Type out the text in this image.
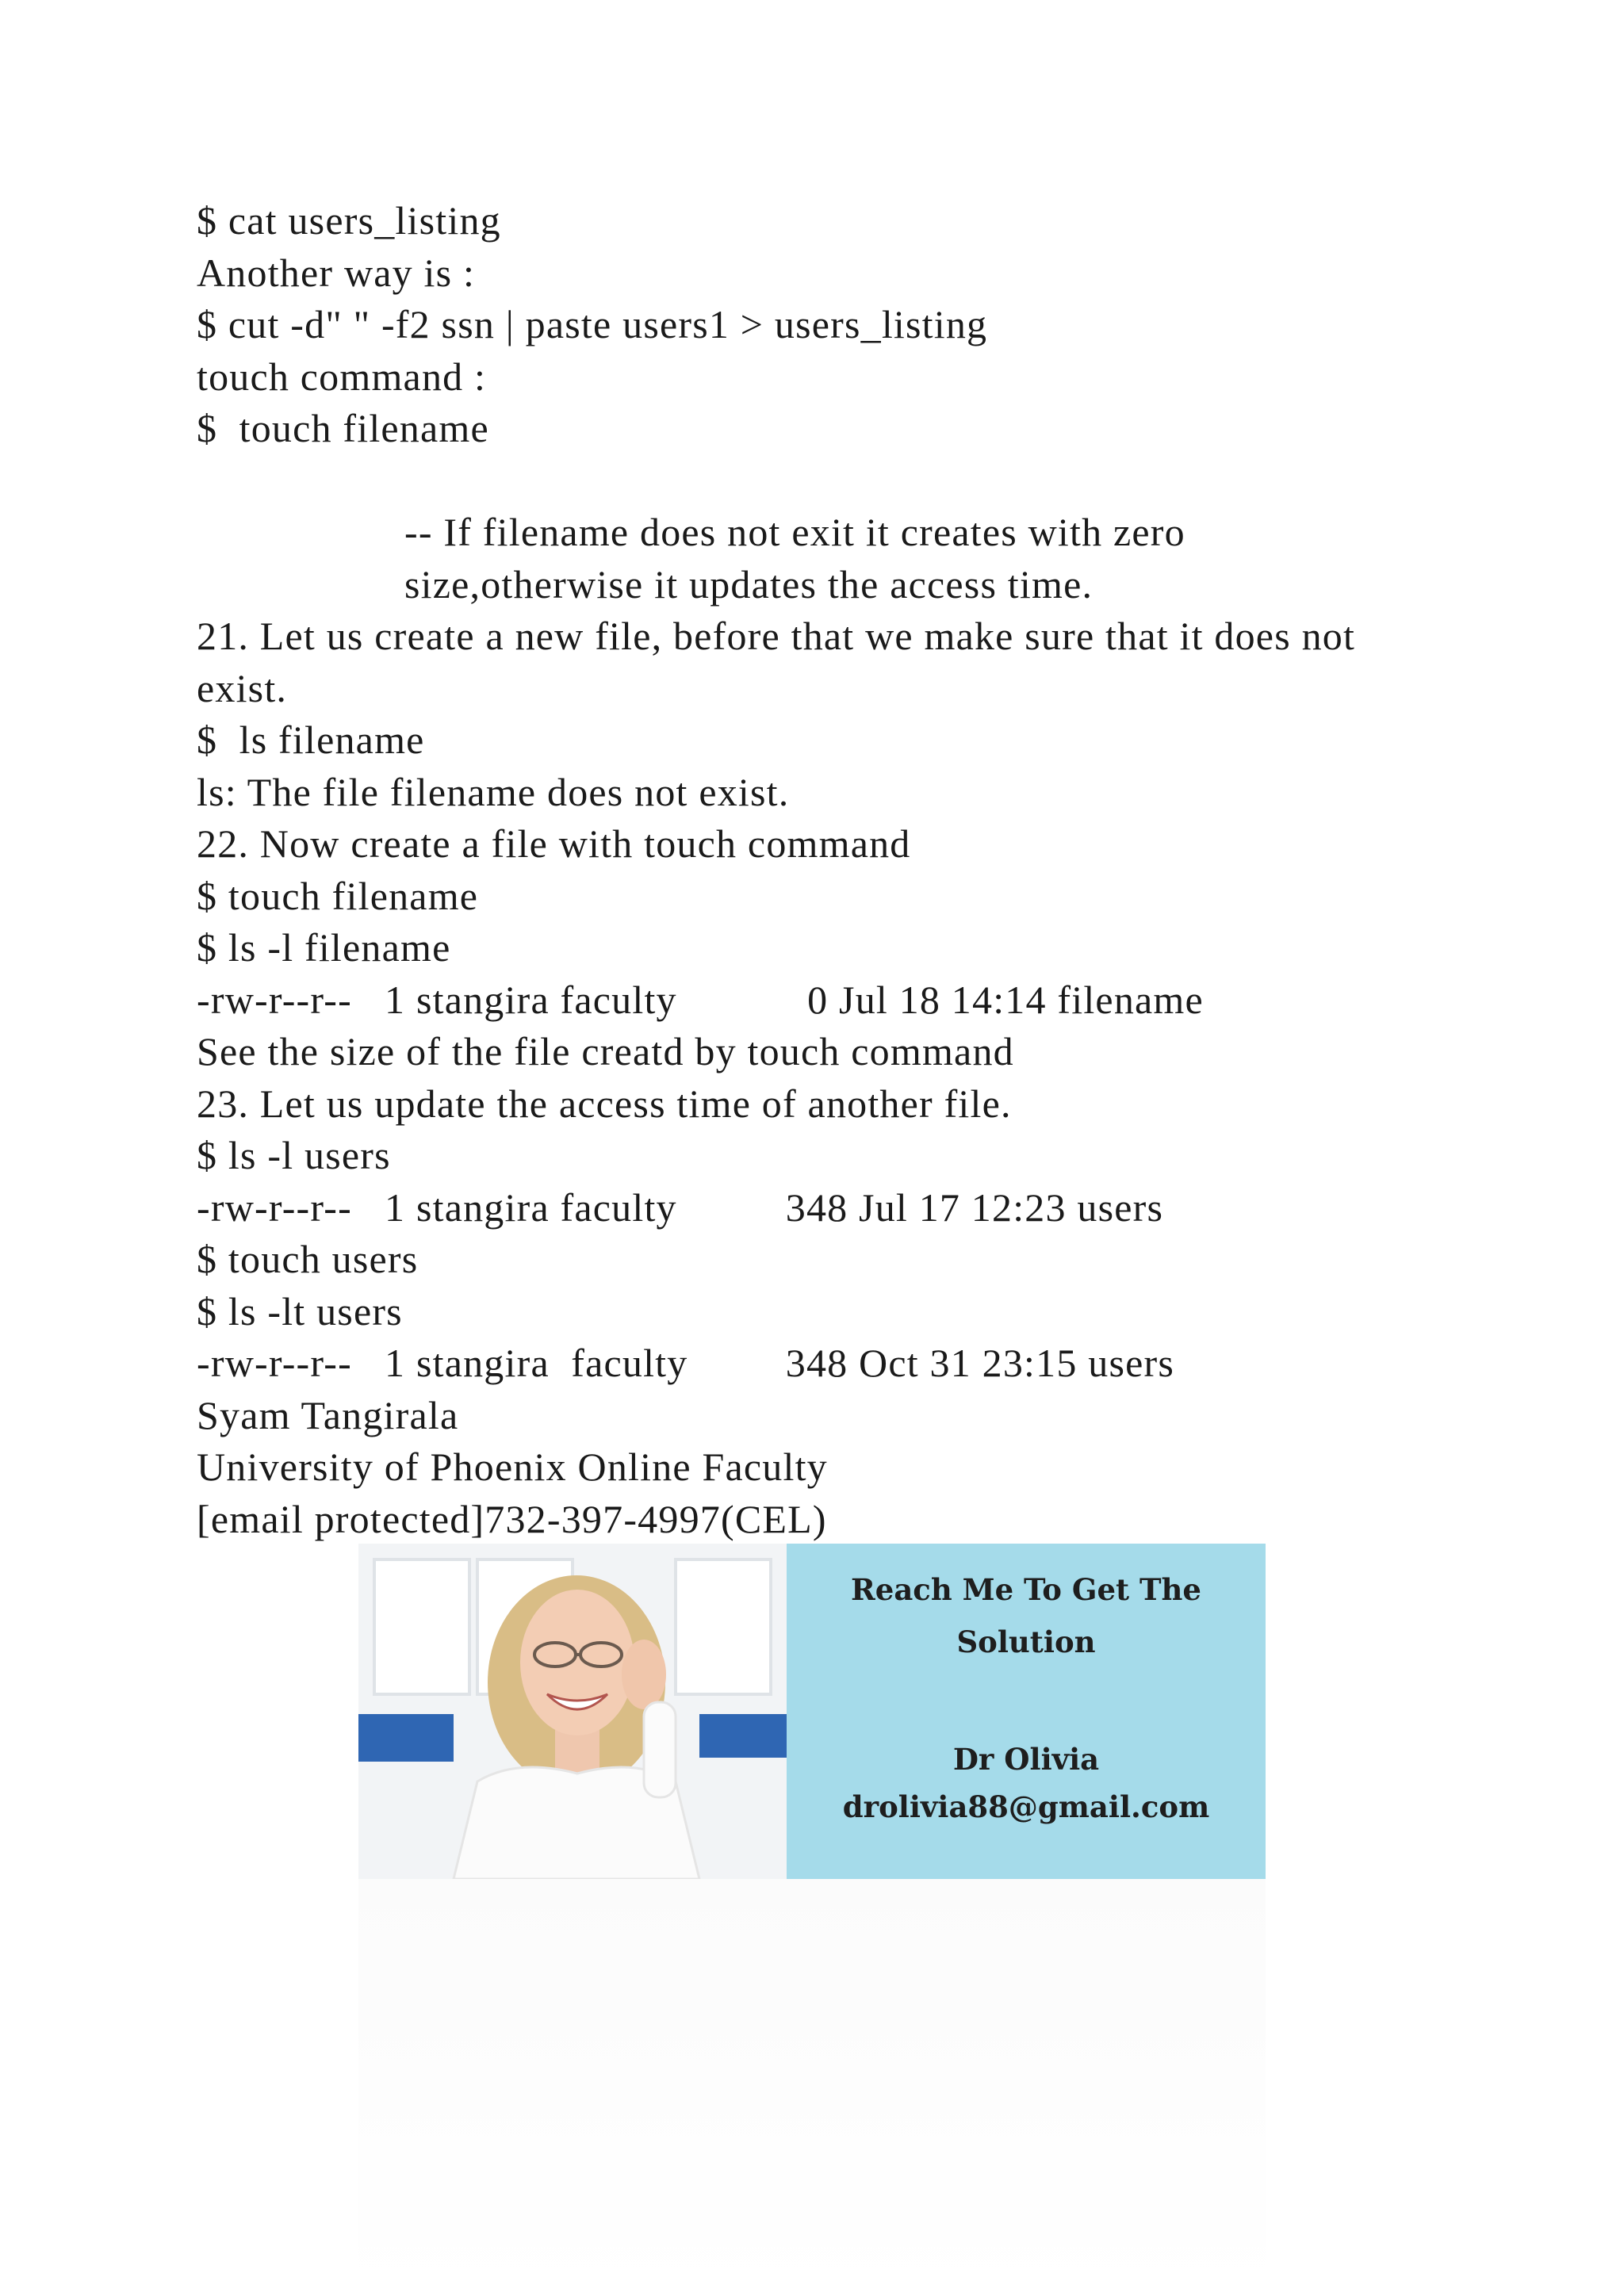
$ cat users_listing
Another way is :
$ cut -d" " -f2 ssn | paste users1 > users_listing
touch command :
$  touch filename
-- If filename does not exit it creates with zero size,otherwise it updates the access time.
21. Let us create a new file, before that we make sure that it does not exist.
$  ls filename
ls: The file filename does not exist.
22. Now create a file with touch command
$ touch filename
$ ls -l filename
-rw-r--r--   1 stangira faculty            0 Jul 18 14:14 filename
See the size of the file creatd by touch command
23. Let us update the access time of another file.
$ ls -l users
-rw-r--r--   1 stangira faculty          348 Jul 17 12:23 users
$ touch users
$ ls -lt users
-rw-r--r--   1 stangira  faculty         348 Oct 31 23:15 users
Syam Tangirala
University of Phoenix Online Faculty
[email protected]732-397-4997(CEL)
Reach Me To Get The
Solution
Dr Olivia
drolivia88@gmail.com
